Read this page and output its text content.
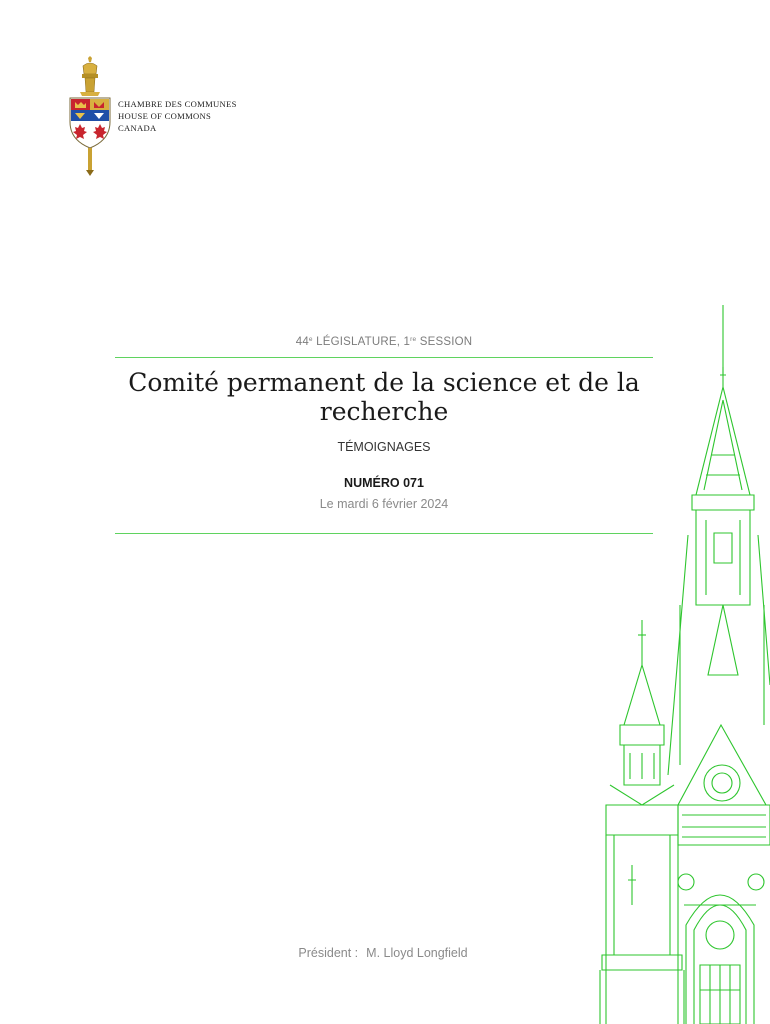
CHAMBRE DES COMMUNES
HOUSE OF COMMONS
CANADA
44e LÉGISLATURE, 1re SESSION
Comité permanent de la science et de la recherche
TÉMOIGNAGES
NUMÉRO 071
Le mardi 6 février 2024
Président : M. Lloyd Longfield
